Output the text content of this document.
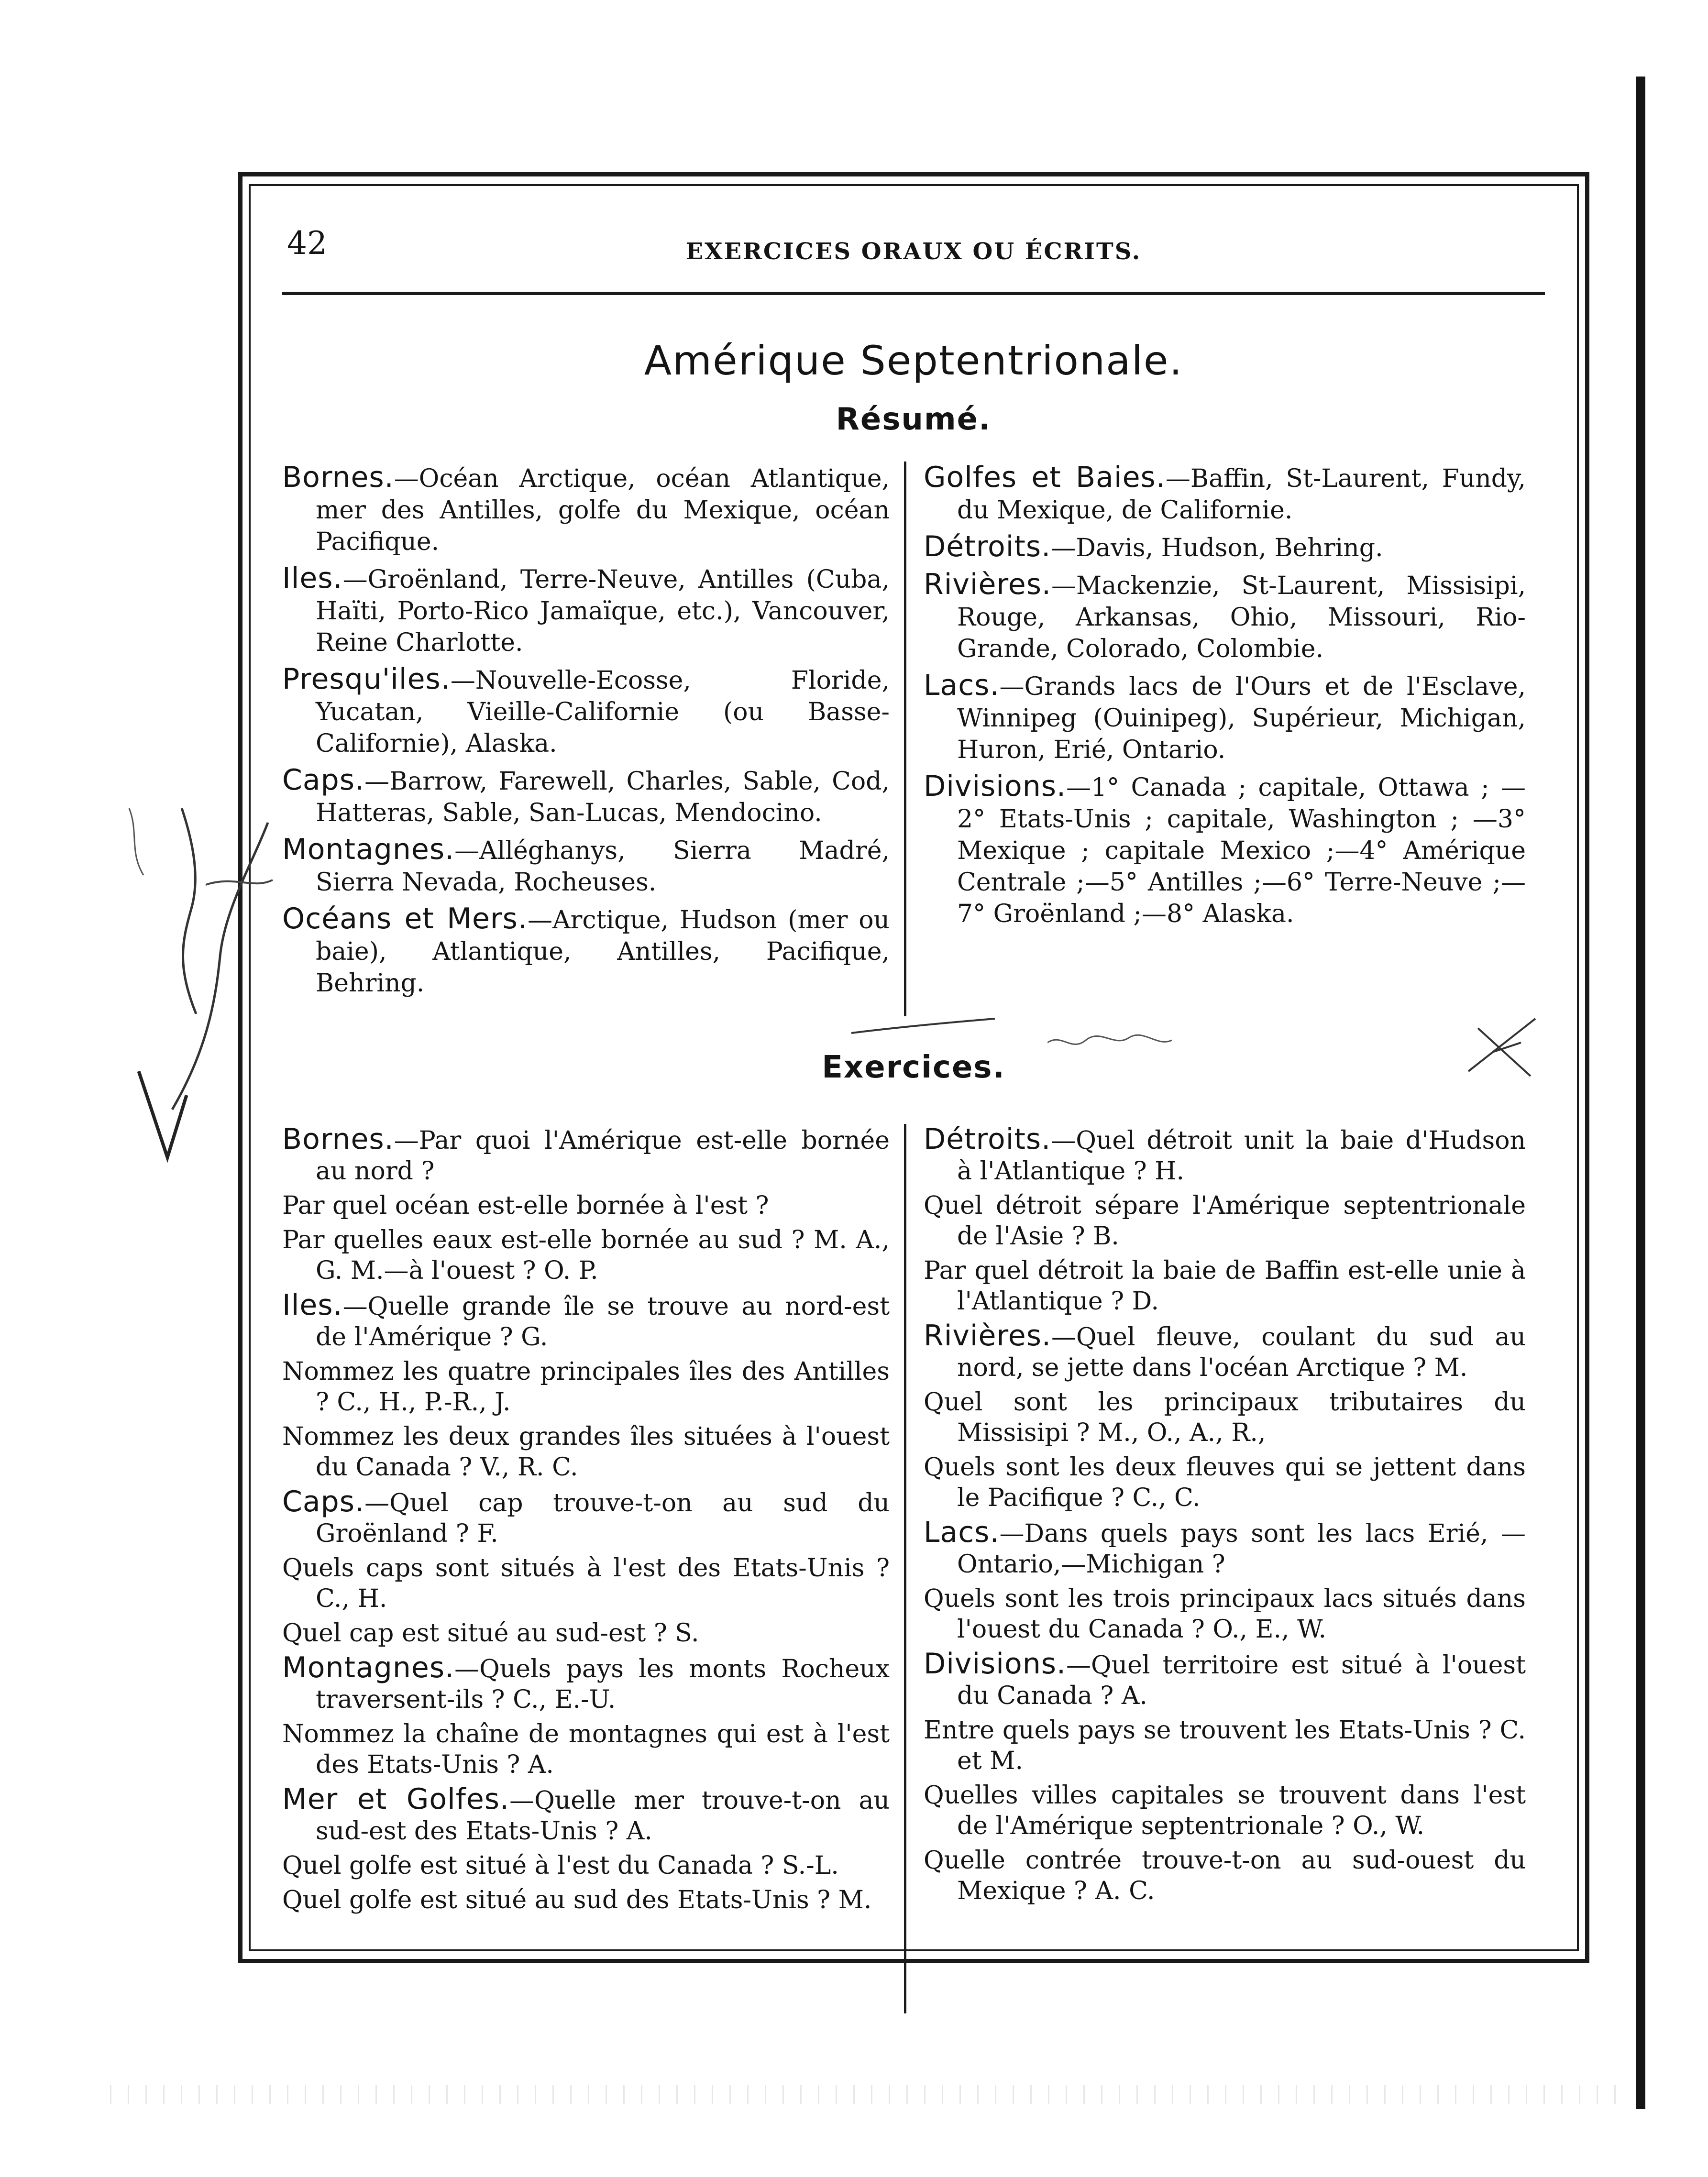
42	EXERCICES ORAUX OU ÉCRITS.
Amérique Septentrionale.
Résumé.
Bornes.—Océan Arctique, océan Atlantique, mer des Antilles, golfe du Mexique, océan Pacifique.
Iles.—Groënland, Terre-Neuve, Antilles (Cuba, Haïti, Porto-Rico Jamaïque, etc.), Vancouver, Reine Charlotte.
Presqu'iles.—Nouvelle-Ecosse, Floride, Yucatan, Vieille-Californie (ou Basse-Californie), Alaska.
Caps.—Barrow, Farewell, Charles, Sable, Cod, Hatteras, Sable, San-Lucas, Mendocino.
Montagnes.—Alléghanys, Sierra Madré, Sierra Nevada, Rocheuses.
Océans et Mers.—Arctique, Hudson (mer ou baie), Atlantique, Antilles, Pacifique, Behring.
Golfes et Baies.—Baffin, St-Laurent, Fundy, du Mexique, de Californie.
Détroits.—Davis, Hudson, Behring.
Rivières.—Mackenzie, St-Laurent, Missisipi, Rouge, Arkansas, Ohio, Missouri, Rio-Grande, Colorado, Colombie.
Lacs.—Grands lacs de l'Ours et de l'Esclave, Winnipeg (Ouinipeg), Supérieur, Michigan, Huron, Erié, Ontario.
Divisions.—1° Canada ; capitale, Ottawa ; —2° Etats-Unis ; capitale, Washington ; —3° Mexique ; capitale Mexico ;—4° Amérique Centrale ;—5° Antilles ;—6° Terre-Neuve ;—7° Groënland ;—8° Alaska.
Exercices.
Bornes.—Par quoi l'Amérique est-elle bornée au nord ?
Par quel océan est-elle bornée à l'est ?
Par quelles eaux est-elle bornée au sud ? M. A., G. M.—à l'ouest ? O. P.
Iles.—Quelle grande île se trouve au nord-est de l'Amérique ? G.
Nommez les quatre principales îles des Antilles ? C., H., P.-R., J.
Nommez les deux grandes îles situées à l'ouest du Canada ? V., R. C.
Caps.—Quel cap trouve-t-on au sud du Groënland ? F.
Quels caps sont situés à l'est des Etats-Unis ? C., H.
Quel cap est situé au sud-est ? S.
Montagnes.—Quels pays les monts Rocheux traversent-ils ? C., E.-U.
Nommez la chaîne de montagnes qui est à l'est des Etats-Unis ? A.
Mer et Golfes.—Quelle mer trouve-t-on au sud-est des Etats-Unis ? A.
Quel golfe est situé à l'est du Canada ? S.-L.
Quel golfe est situé au sud des Etats-Unis ? M.
Détroits.—Quel détroit unit la baie d'Hudson à l'Atlantique ? H.
Quel détroit sépare l'Amérique septentrionale de l'Asie ? B.
Par quel détroit la baie de Baffin est-elle unie à l'Atlantique ? D.
Rivières.—Quel fleuve, coulant du sud au nord, se jette dans l'océan Arctique ? M.
Quel sont les principaux tributaires du Missisipi ? M., O., A., R.,
Quels sont les deux fleuves qui se jettent dans le Pacifique ? C., C.
Lacs.—Dans quels pays sont les lacs Erié, —Ontario,—Michigan ?
Quels sont les trois principaux lacs situés dans l'ouest du Canada ? O., E., W.
Divisions.—Quel territoire est situé à l'ouest du Canada ? A.
Entre quels pays se trouvent les Etats-Unis ? C. et M.
Quelles villes capitales se trouvent dans l'est de l'Amérique septentrionale ? O., W.
Quelle contrée trouve-t-on au sud-ouest du Mexique ? A. C.
